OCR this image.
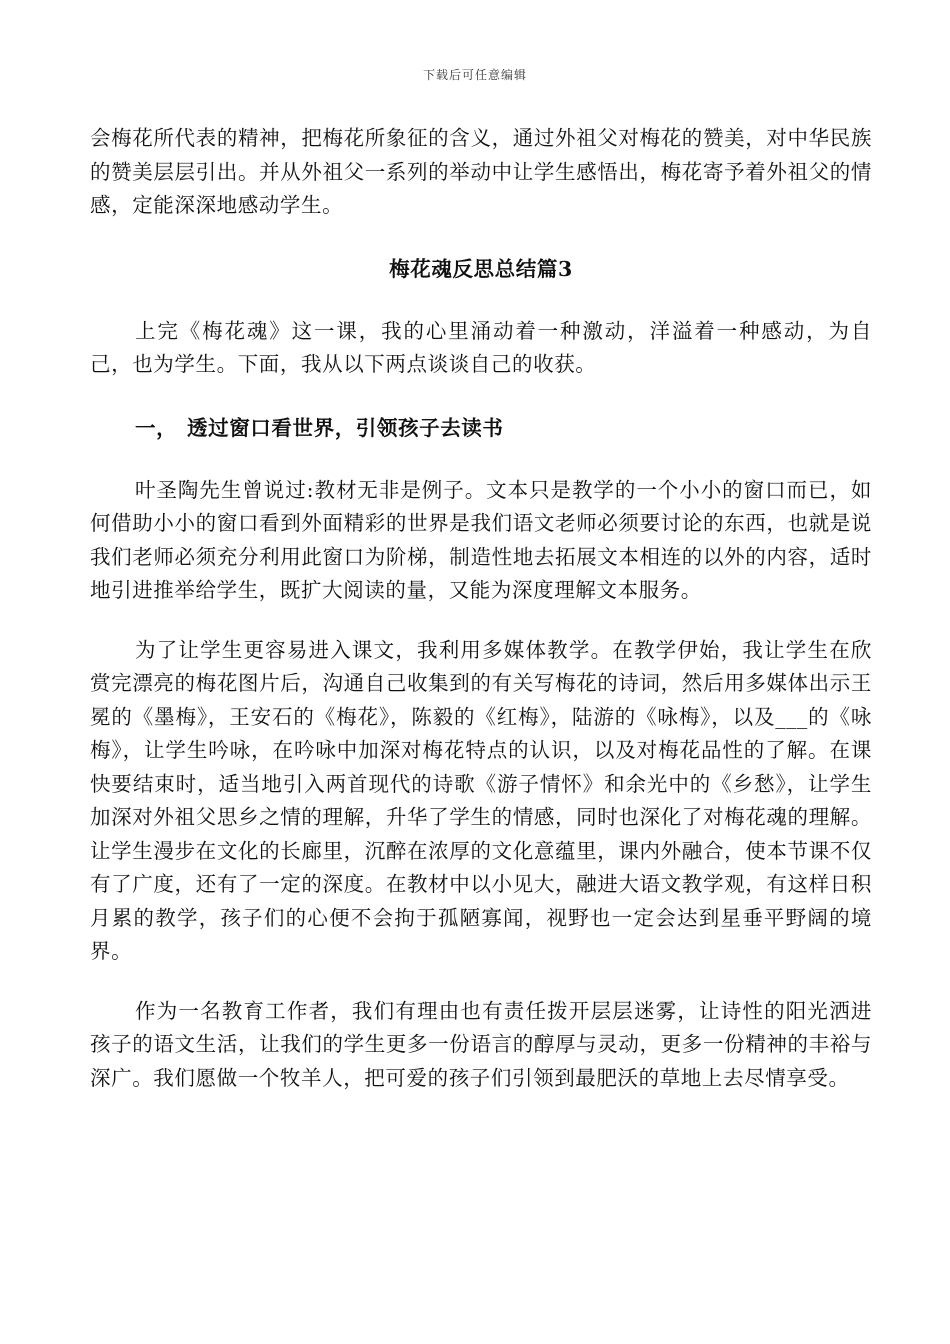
下载后可任意编辑

会梅花所代表的精神，把梅花所象征的含义，通过外祖父对梅花的赞美，对中华民族的赞美层层引出。并从外祖父一系列的举动中让学生感悟出，梅花寄予着外祖父的情感，定能深深地感动学生。

梅花魂反思总结篇3

上完《梅花魂》这一课，我的心里涌动着一种激动，洋溢着一种感动，为自己，也为学生。下面，我从以下两点谈谈自己的收获。

一， 透过窗口看世界，引领孩子去读书

叶圣陶先生曾说过:教材无非是例子。文本只是教学的一个小小的窗口而已，如何借助小小的窗口看到外面精彩的世界是我们语文老师必须要讨论的东西，也就是说我们老师必须充分利用此窗口为阶梯，制造性地去拓展文本相连的以外的内容，适时地引进推举给学生，既扩大阅读的量，又能为深度理解文本服务。

为了让学生更容易进入课文，我利用多媒体教学。在教学伊始，我让学生在欣赏完漂亮的梅花图片后，沟通自己收集到的有关写梅花的诗词，然后用多媒体出示王冕的《墨梅》，王安石的《梅花》，陈毅的《红梅》，陆游的《咏梅》，以及___的《咏梅》，让学生吟咏，在吟咏中加深对梅花特点的认识，以及对梅花品性的了解。在课快要结束时，适当地引入两首现代的诗歌《游子情怀》和余光中的《乡愁》，让学生加深对外祖父思乡之情的理解，升华了学生的情感，同时也深化了对梅花魂的理解。让学生漫步在文化的长廊里，沉醉在浓厚的文化意蕴里，课内外融合，使本节课不仅有了广度，还有了一定的深度。在教材中以小见大，融进大语文教学观，有这样日积月累的教学，孩子们的心便不会拘于孤陋寡闻，视野也一定会达到星垂平野阔的境界。

作为一名教育工作者，我们有理由也有责任拨开层层迷雾，让诗性的阳光洒进孩子的语文生活，让我们的学生更多一份语言的醇厚与灵动，更多一份精神的丰裕与深广。我们愿做一个牧羊人，把可爱的孩子们引领到最肥沃的草地上去尽情享受。
